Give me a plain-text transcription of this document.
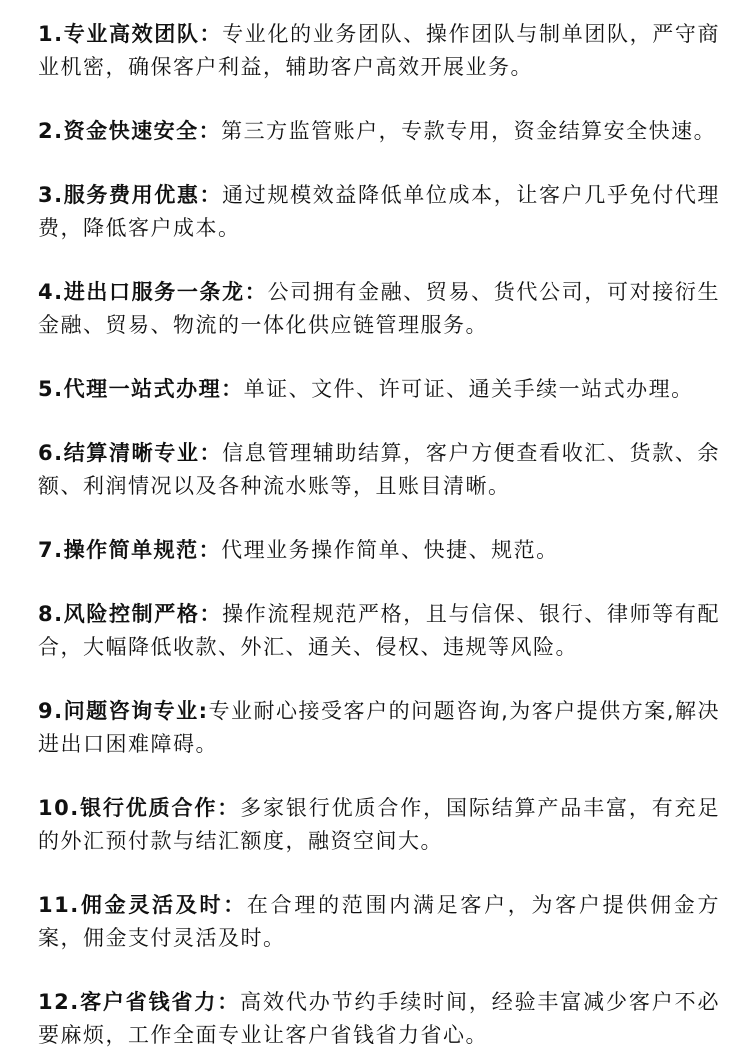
1.专业高效团队：专业化的业务团队、操作团队与制单团队，严守商业机密，确保客户利益，辅助客户高效开展业务。
2.资金快速安全：第三方监管账户，专款专用，资金结算安全快速。
3.服务费用优惠：通过规模效益降低单位成本，让客户几乎免付代理费，降低客户成本。
4.进出口服务一条龙：公司拥有金融、贸易、货代公司，可对接衍生金融、贸易、物流的一体化供应链管理服务。
5.代理一站式办理：单证、文件、许可证、通关手续一站式办理。
6.结算清晰专业：信息管理辅助结算，客户方便查看收汇、货款、余额、利润情况以及各种流水账等，且账目清晰。
7.操作简单规范：代理业务操作简单、快捷、规范。
8.风险控制严格：操作流程规范严格，且与信保、银行、律师等有配合，大幅降低收款、外汇、通关、侵权、违规等风险。
9.问题咨询专业:专业耐心接受客户的问题咨询,为客户提供方案,解决进出口困难障碍。
10.银行优质合作：多家银行优质合作，国际结算产品丰富，有充足的外汇预付款与结汇额度，融资空间大。
11.佣金灵活及时：在合理的范围内满足客户，为客户提供佣金方案，佣金支付灵活及时。
12.客户省钱省力：高效代办节约手续时间，经验丰富减少客户不必要麻烦，工作全面专业让客户省钱省力省心。
